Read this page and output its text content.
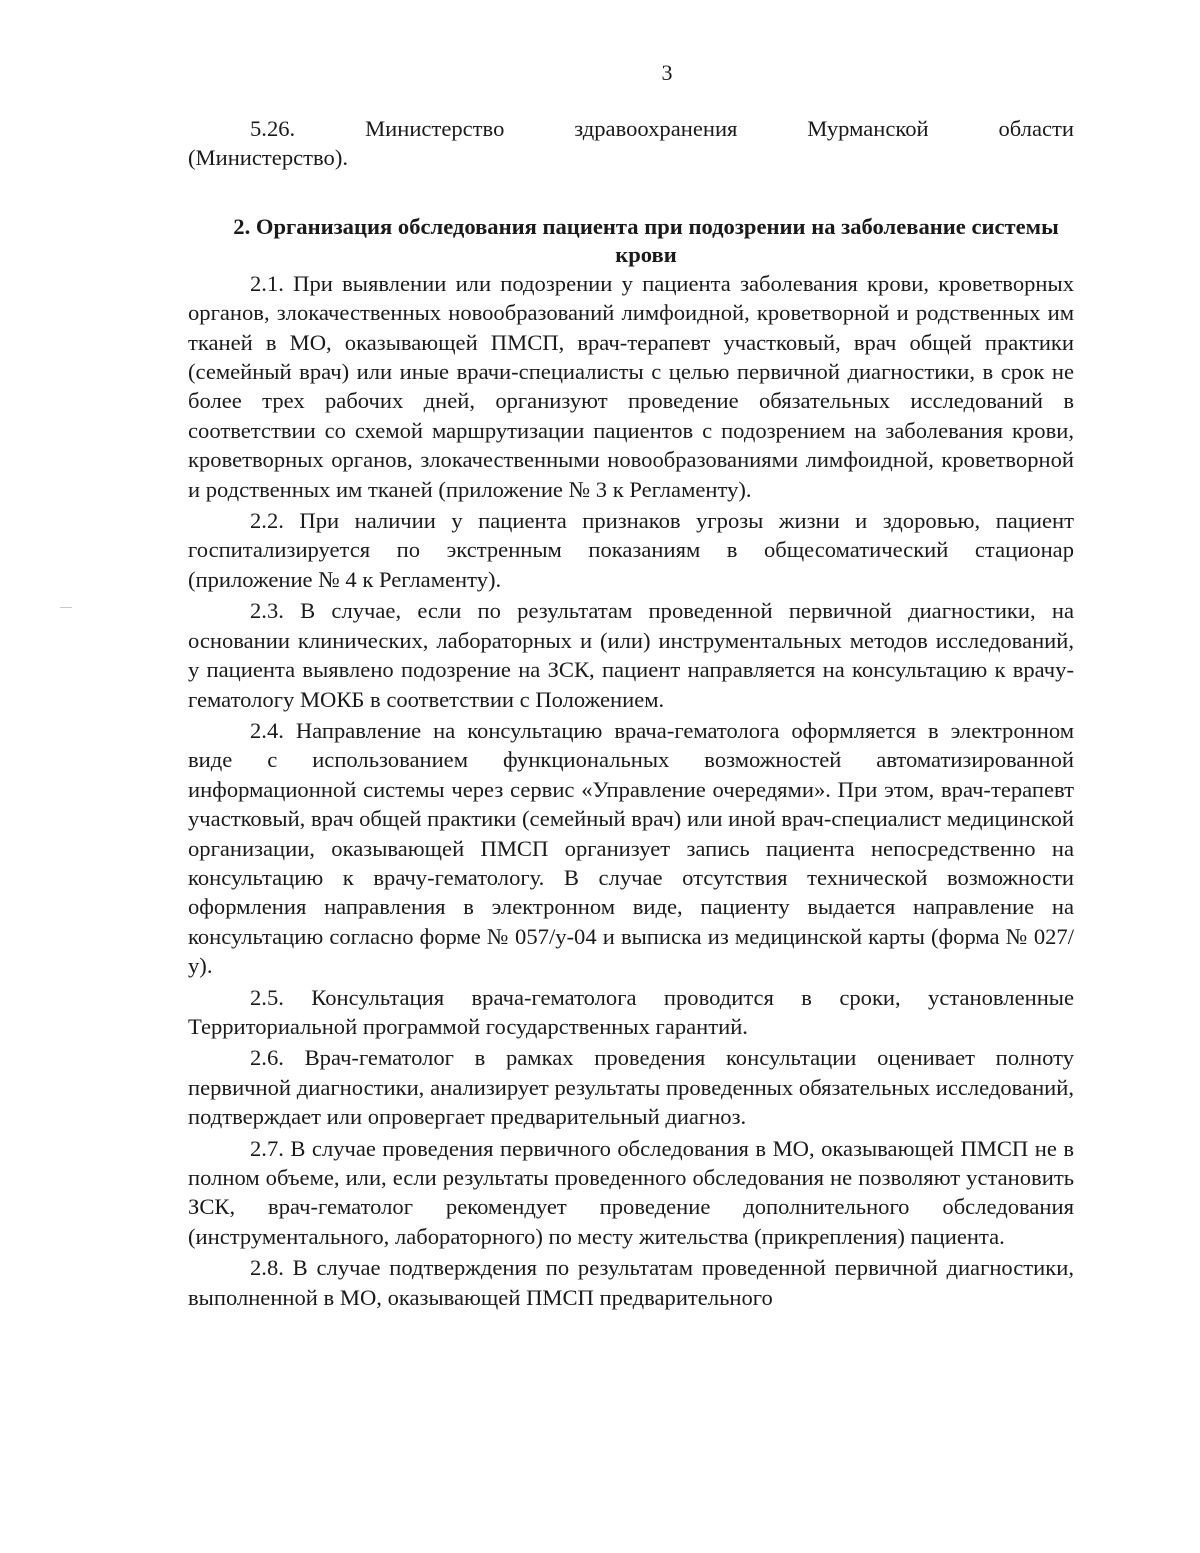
3

5.26. Министерство здравоохранения Мурманской области

(Министерство).

2. Организация обследования пациента при подозрении на заболевание системы крови

2.1. При выявлении или подозрении у пациента заболевания крови, кроветворных органов, злокачественных новообразований лимфоидной, кроветворной и родственных им тканей в МО, оказывающей ПМСП, врач-терапевт участковый, врач общей практики (семейный врач) или иные врачи-специалисты с целью первичной диагностики, в срок не более трех рабочих дней, организуют проведение обязательных исследований в соответствии со схемой маршрутизации пациентов с подозрением на заболевания крови, кроветворных органов, злокачественными новообразованиями лимфоидной, кроветворной и родственных им тканей (приложение № 3 к Регламенту).

2.2. При наличии у пациента признаков угрозы жизни и здоровью, пациент госпитализируется по экстренным показаниям в общесоматический стационар (приложение № 4 к Регламенту).

2.3. В случае, если по результатам проведенной первичной диагностики, на основании клинических, лабораторных и (или) инструментальных методов исследований, у пациента выявлено подозрение на ЗСК, пациент направляется на консультацию к врачу-гематологу МОКБ в соответствии с Положением.

2.4. Направление на консультацию врача-гематолога оформляется в электронном виде с использованием функциональных возможностей автоматизированной информационной системы через сервис «Управление очередями». При этом, врач-терапевт участковый, врач общей практики (семейный врач) или иной врач-специалист медицинской организации, оказывающей ПМСП организует запись пациента непосредственно на консультацию к врачу-гематологу. В случае отсутствия технической возможности оформления направления в электронном виде, пациенту выдается направление на консультацию согласно форме № 057/у-04 и выписка из медицинской карты (форма № 027/у).

2.5. Консультация врача-гематолога проводится в сроки, установленные Территориальной программой государственных гарантий.

2.6. Врач-гематолог в рамках проведения консультации оценивает полноту первичной диагностики, анализирует результаты проведенных обязательных исследований, подтверждает или опровергает предварительный диагноз.

2.7. В случае проведения первичного обследования в МО, оказывающей ПМСП не в полном объеме, или, если результаты проведенного обследования не позволяют установить ЗСК, врач-гематолог рекомендует проведение дополнительного обследования (инструментального, лабораторного) по месту жительства (прикрепления) пациента.

2.8. В случае подтверждения по результатам проведенной первичной диагностики, выполненной в МО, оказывающей ПМСП предварительного
